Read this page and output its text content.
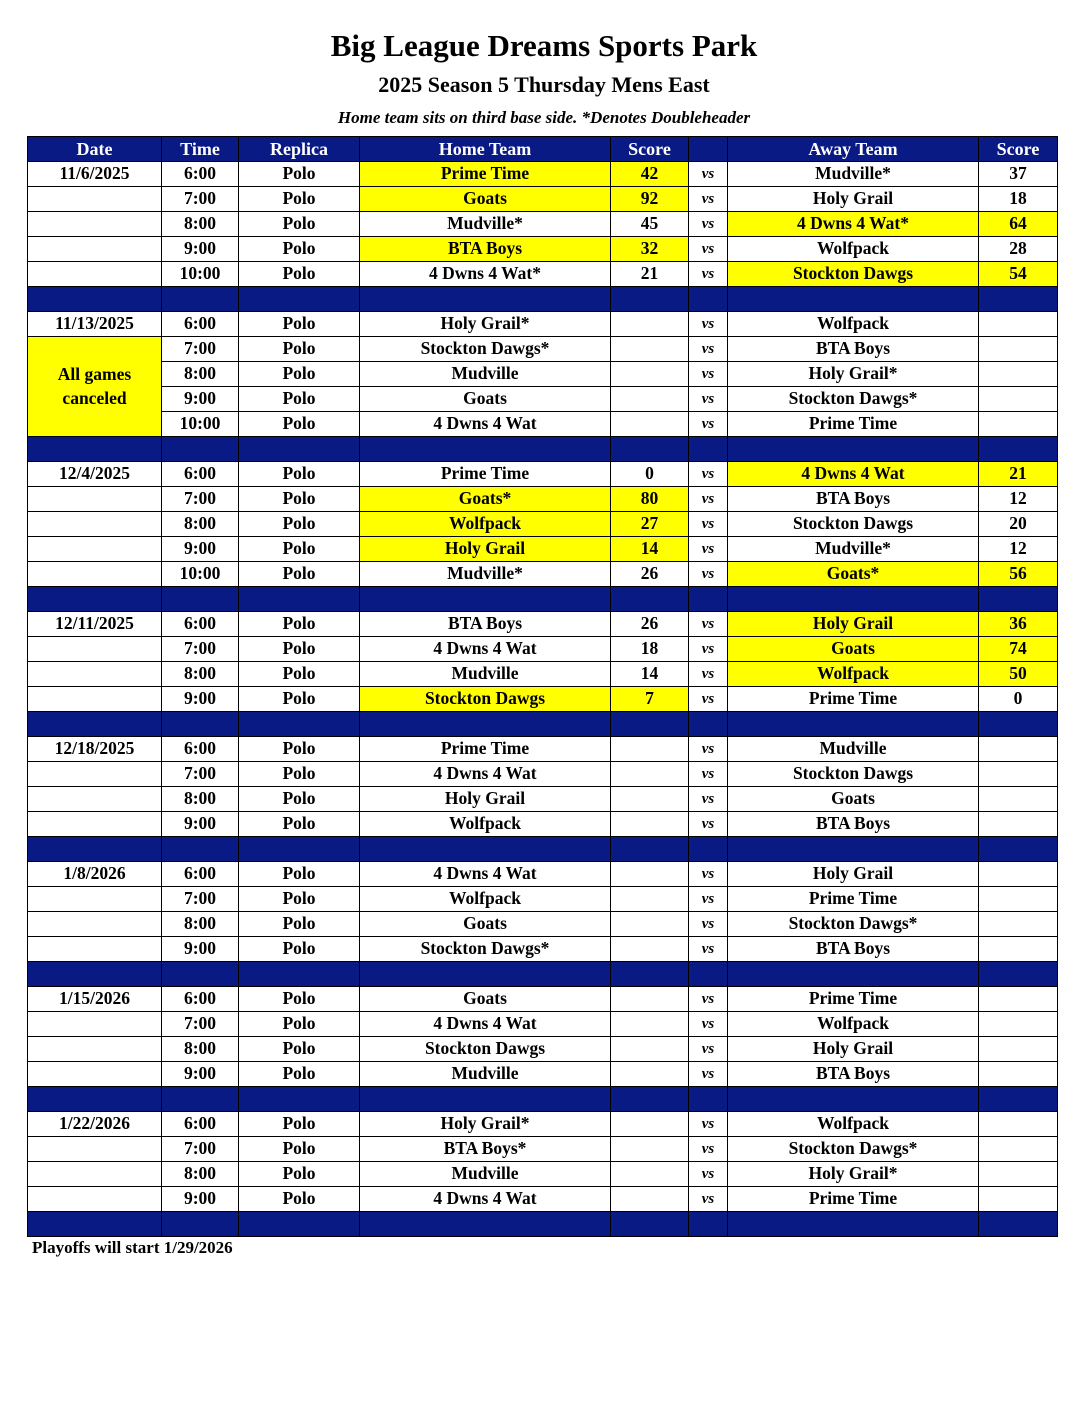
Big League Dreams Sports Park
2025 Season 5 Thursday Mens East
Home team sits on third base side. *Denotes Doubleheader
Date	Time	Replica	Home Team	Score		Away Team	Score
11/6/2025	6:00	Polo	Prime Time	42	vs	Mudville*	37
	7:00	Polo	Goats	92	vs	Holy Grail	18
	8:00	Polo	Mudville*	45	vs	4 Dwns 4 Wat*	64
	9:00	Polo	BTA Boys	32	vs	Wolfpack	28
	10:00	Polo	4 Dwns 4 Wat*	21	vs	Stockton Dawgs	54

11/13/2025	6:00	Polo	Holy Grail*		vs	Wolfpack	
All games canceled	7:00	Polo	Stockton Dawgs*		vs	BTA Boys	
	8:00	Polo	Mudville		vs	Holy Grail*	
	9:00	Polo	Goats		vs	Stockton Dawgs*	
	10:00	Polo	4 Dwns 4 Wat		vs	Prime Time	

12/4/2025	6:00	Polo	Prime Time	0	vs	4 Dwns 4 Wat	21
	7:00	Polo	Goats*	80	vs	BTA Boys	12
	8:00	Polo	Wolfpack	27	vs	Stockton Dawgs	20
	9:00	Polo	Holy Grail	14	vs	Mudville*	12
	10:00	Polo	Mudville*	26	vs	Goats*	56

12/11/2025	6:00	Polo	BTA Boys	26	vs	Holy Grail	36
	7:00	Polo	4 Dwns 4 Wat	18	vs	Goats	74
	8:00	Polo	Mudville	14	vs	Wolfpack	50
	9:00	Polo	Stockton Dawgs	7	vs	Prime Time	0

12/18/2025	6:00	Polo	Prime Time		vs	Mudville	
	7:00	Polo	4 Dwns 4 Wat		vs	Stockton Dawgs	
	8:00	Polo	Holy Grail		vs	Goats	
	9:00	Polo	Wolfpack		vs	BTA Boys	

1/8/2026	6:00	Polo	4 Dwns 4 Wat		vs	Holy Grail	
	7:00	Polo	Wolfpack		vs	Prime Time	
	8:00	Polo	Goats		vs	Stockton Dawgs*	
	9:00	Polo	Stockton Dawgs*		vs	BTA Boys	

1/15/2026	6:00	Polo	Goats		vs	Prime Time	
	7:00	Polo	4 Dwns 4 Wat		vs	Wolfpack	
	8:00	Polo	Stockton Dawgs		vs	Holy Grail	
	9:00	Polo	Mudville		vs	BTA Boys	

1/22/2026	6:00	Polo	Holy Grail*		vs	Wolfpack	
	7:00	Polo	BTA Boys*		vs	Stockton Dawgs*	
	8:00	Polo	Mudville		vs	Holy Grail*	
	9:00	Polo	4 Dwns 4 Wat		vs	Prime Time	

Playoffs will start 1/29/2026
